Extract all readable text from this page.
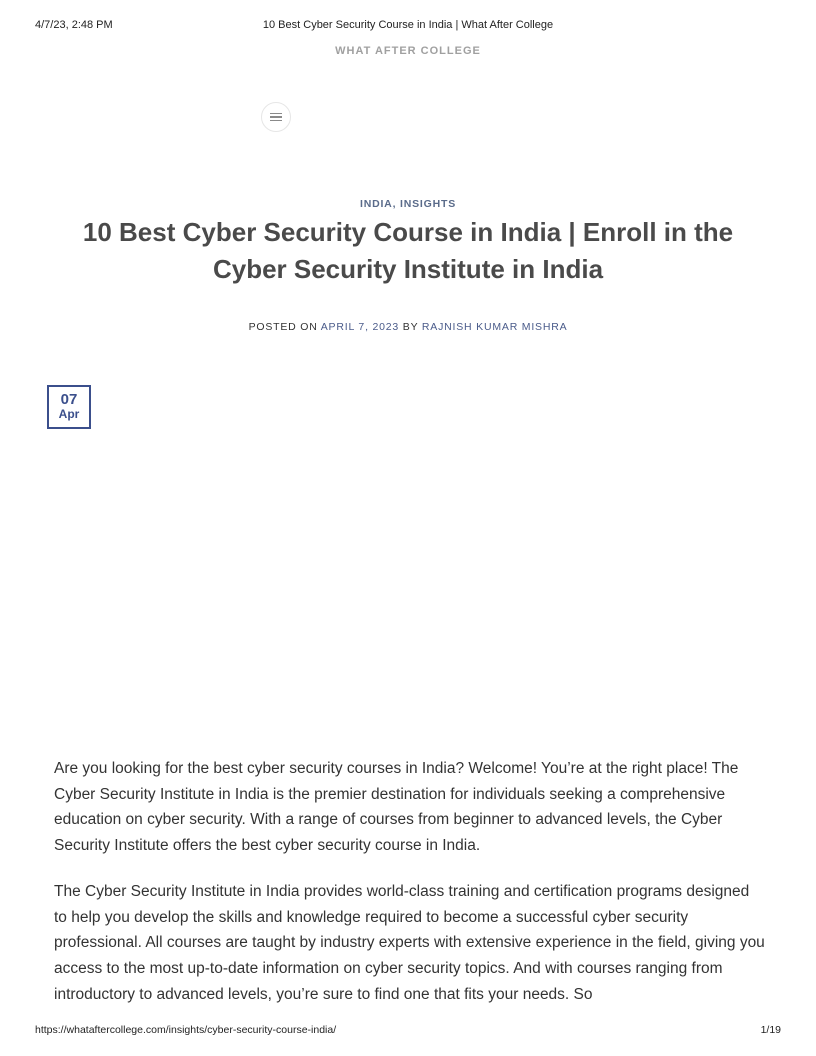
4/7/23, 2:48 PM	10 Best Cyber Security Course in India | What After College
WHAT AFTER COLLEGE
INDIA, INSIGHTS
10 Best Cyber Security Course in India | Enroll in the Cyber Security Institute in India
POSTED ON APRIL 7, 2023 BY RAJNISH KUMAR MISHRA
07
Apr

Are you looking for the best cyber security courses in India? Welcome! You’re at the right place! The Cyber Security Institute in India is the premier destination for individuals seeking a comprehensive education on cyber security. With a range of courses from beginner to advanced levels, the Cyber Security Institute offers the best cyber security course in India.

The Cyber Security Institute in India provides world-class training and certification programs designed to help you develop the skills and knowledge required to become a successful cyber security professional. All courses are taught by industry experts with extensive experience in the field, giving you access to the most up-to-date information on cyber security topics. And with courses ranging from introductory to advanced levels, you’re sure to find one that fits your needs. So

https://whataftercollege.com/insights/cyber-security-course-india/	1/19
